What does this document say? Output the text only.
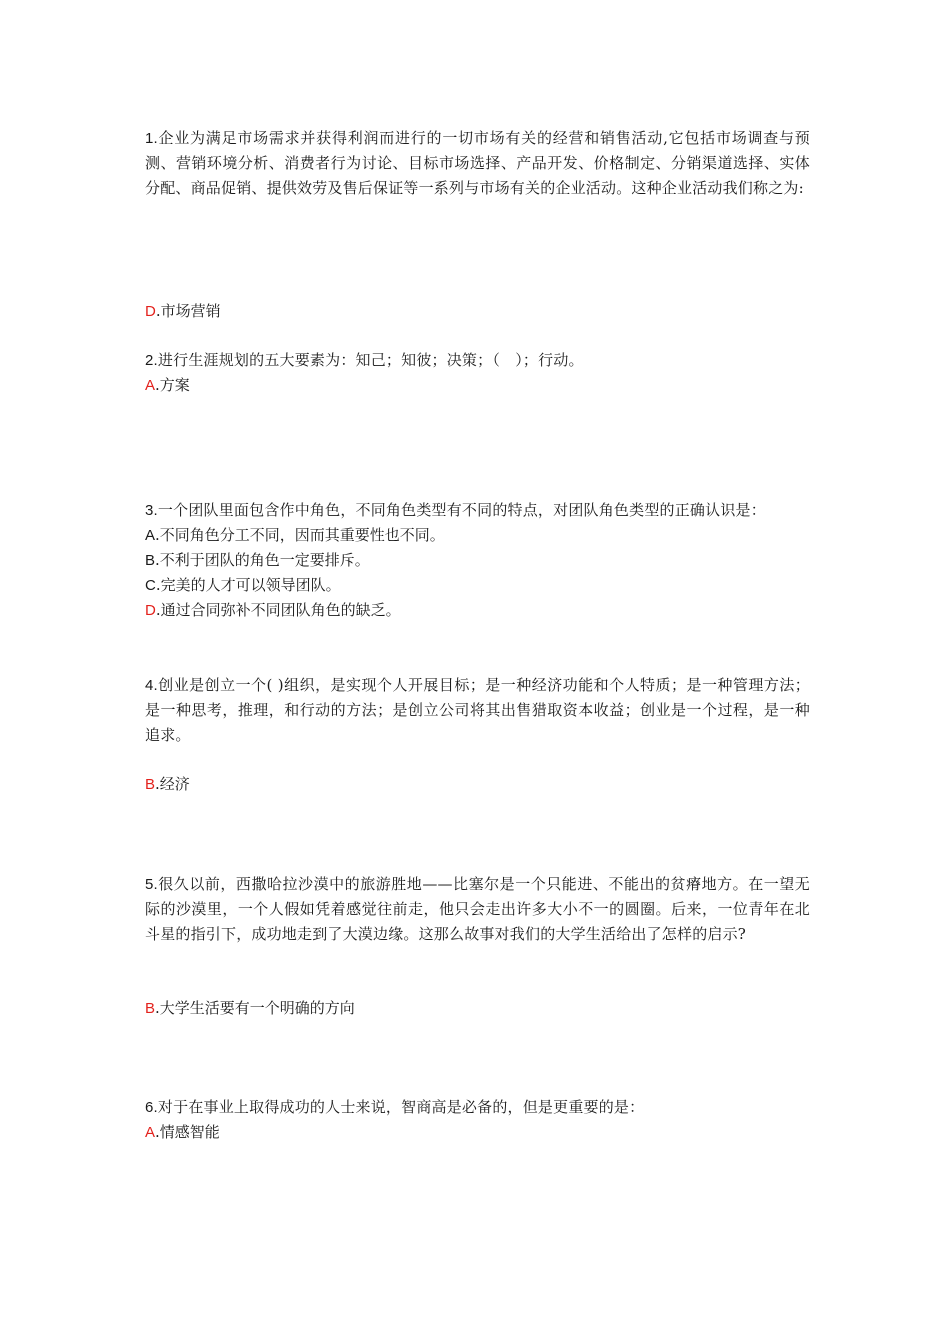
1.企业为满足市场需求并获得利润而进行的一切市场有关的经营和销售活动,它包括市场调查与预测、营销环境分析、消费者行为讨论、目标市场选择、产品开发、价格制定、分销渠道选择、实体分配、商品促销、提供效劳及售后保证等一系列与市场有关的企业活动。这种企业活动我们称之为:

D.市场营销

2.进行生涯规划的五大要素为：知己；知彼；决策；（　）；行动。

A.方案

3.一个团队里面包含作中角色，不同角色类型有不同的特点，对团队角色类型的正确认识是：

A.不同角色分工不同，因而其重要性也不同。

B.不利于团队的角色一定要排斥。

C.完美的人才可以领导团队。

D.通过合同弥补不同团队角色的缺乏。

4.创业是创立一个( )组织，是实现个人开展目标；是一种经济功能和个人特质；是一种管理方法；是一种思考，推理，和行动的方法；是创立公司将其出售猎取资本收益；创业是一个过程，是一种追求。

B.经济

5.很久以前，西撒哈拉沙漠中的旅游胜地——比塞尔是一个只能进、不能出的贫瘠地方。在一望无际的沙漠里，一个人假如凭着感觉往前走，他只会走出许多大小不一的圆圈。后来，一位青年在北斗星的指引下，成功地走到了大漠边缘。这那么故事对我们的大学生活给出了怎样的启示?

B.大学生活要有一个明确的方向

6.对于在事业上取得成功的人士来说，智商高是必备的，但是更重要的是：

A.情感智能
